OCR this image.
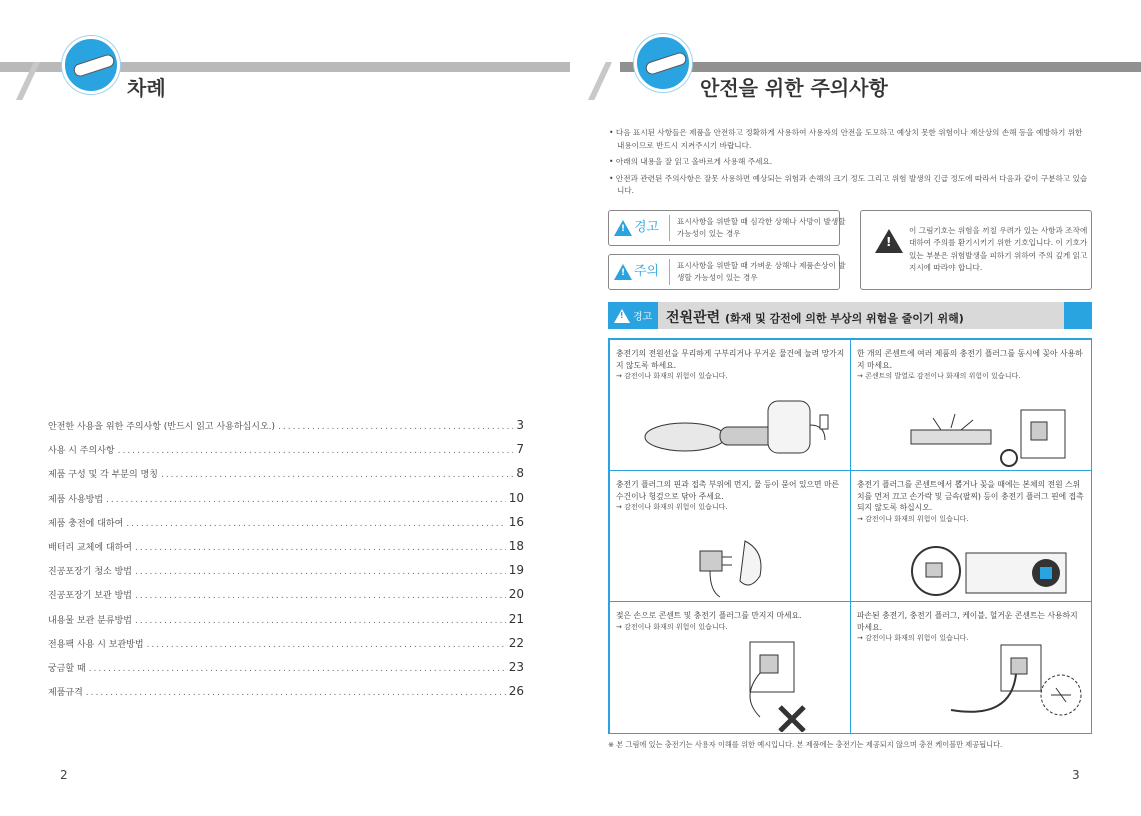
차례
안전한 사용을 위한 주의사항 (반드시 읽고 사용하십시오.) .....	3
사용 시 주의사항 .....	7
제품 구성 및 각 부분의 명칭 .....	8
제품 사용방법 .....	10
제품 충전에 대하여 .....	16
배터리 교체에 대하여 .....	18
진공포장기 청소 방법 .....	19
진공포장기 보관 방법 .....	20
내용물 보관 분류방법 .....	21
전용팩 사용 시 보관방법 .....	22
궁금할 때 .....	23
제품규격 .....	26
2
안전을 위한 주의사항

• 다음 표시된 사항들은 제품을 안전하고 정확하게 사용하여 사용자의 안전을 도모하고 예상치 못한 위험이나 재산상의 손해 등을 예방하기 위한 내용이므로 반드시 지켜주시기 바랍니다.

• 아래의 내용을 잘 읽고 올바르게 사용해 주세요.

• 안전과 관련된 주의사항은 잘못 사용하면 예상되는 위험과 손해의 크기 정도 그리고 위험 발생의 긴급 정도에 따라서 다음과 같이 구분하고 있습니다.

!
경고 표시사항을 위반할 때 심각한 상해나 사망이 발생할 가능성이 있는 경우
!
주의 표시사항을 위반할 때 가벼운 상해나 제품손상이 발생할 가능성이 있는 경우
!
이 그림기호는 위험을 끼칠 우려가 있는 사항과 조작에 대하여 주의를 환기시키기 위한 기호입니다. 이 기호가 있는 부분은 위험발생을 피하기 위하여 주의 깊게 읽고 지시에 따라야 합니다.
!
경고 전원관련 (화재 및 감전에 의한 부상의 위험을 줄이기 위해)
충전기의 전원선을 무리하게 구부리거나 무거운 물건에 눌려 망가지지 않도록 하세요.
→ 감전이나 화재의 위험이 있습니다.
한 개의 콘센트에 여러 제품의 충전기 플러그를 동시에 꽂아 사용하지 마세요.
→ 콘센트의 발열로 감전이나 화재의 위험이 있습니다.
충전기 플러그의 핀과 접촉 부위에 먼지, 물 등이 묻어 있으면 마른 수건이나 헝겊으로 닦아 주세요.
→ 감전이나 화재의 위험이 있습니다.
충전기 플러그를 콘센트에서 뽑거나 꽂을 때에는 본체의 전원 스위치를 먼저 끄고 손가락 및 금속(팔찌) 등이 충전기 플러그 핀에 접촉되지 않도록 하십시오.
→ 감전이나 화재의 위험이 있습니다.
젖은 손으로 콘센트 및 충전기 플러그를 만지지 마세요.
→ 감전이나 화재의 위험이 있습니다.
파손된 충전기, 충전기 플러그, 케이블, 헐거운 콘센트는 사용하지 마세요.
→ 감전이나 화재의 위험이 있습니다.
※ 본 그림에 있는 충전기는 사용자 이해를 위한 예시입니다. 본 제품에는 충전기는 제공되지 않으며 충전 케이블만 제공됩니다.
3
